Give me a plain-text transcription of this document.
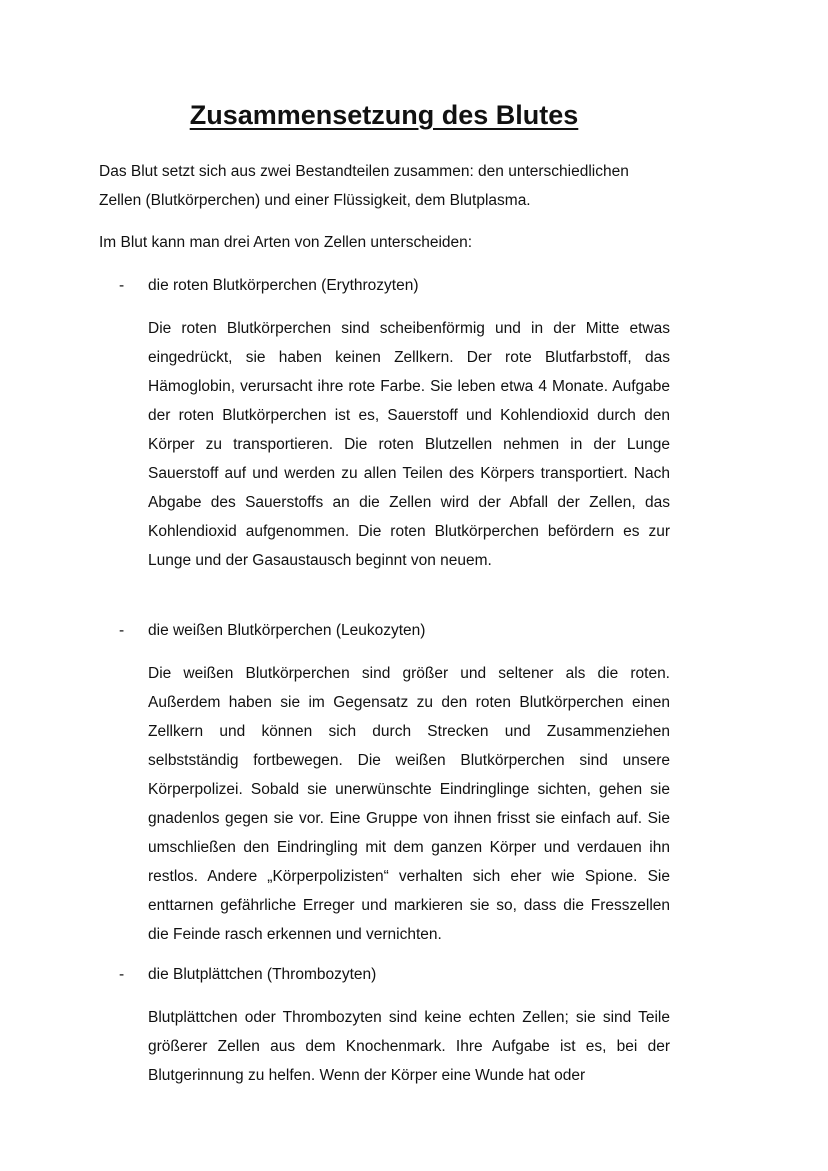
Zusammensetzung des Blutes

Das Blut setzt sich aus zwei Bestandteilen zusammen: den unterschiedlichen Zellen (Blutkörperchen) und einer Flüssigkeit, dem Blutplasma.

Im Blut kann man drei Arten von Zellen unterscheiden:

- die roten Blutkörperchen (Erythrozyten)

Die roten Blutkörperchen sind scheibenförmig und in der Mitte etwas eingedrückt, sie haben keinen Zellkern. Der rote Blutfarbstoff, das Hämoglobin, verursacht ihre rote Farbe. Sie leben etwa 4 Monate. Aufgabe der roten Blutkörperchen ist es, Sauerstoff und Kohlendioxid durch den Körper zu transportieren. Die roten Blutzellen nehmen in der Lunge Sauerstoff auf und werden zu allen Teilen des Körpers transportiert. Nach Abgabe des Sauerstoffs an die Zellen wird der Abfall der Zellen, das Kohlendioxid aufgenommen. Die roten Blutkörperchen befördern es zur Lunge und der Gasaustausch beginnt von neuem.

- die weißen Blutkörperchen (Leukozyten)

Die weißen Blutkörperchen sind größer und seltener als die roten. Außerdem haben sie im Gegensatz zu den roten Blutkörperchen einen Zellkern und können sich durch Strecken und Zusammenziehen selbstständig fortbewegen. Die weißen Blutkörperchen sind unsere Körperpolizei. Sobald sie unerwünschte Eindringlinge sichten, gehen sie gnadenlos gegen sie vor. Eine Gruppe von ihnen frisst sie einfach auf. Sie umschließen den Eindringling mit dem ganzen Körper und verdauen ihn restlos. Andere „Körperpolizisten“ verhalten sich eher wie Spione. Sie enttarnen gefährliche Erreger und markieren sie so, dass die Fresszellen die Feinde rasch erkennen und vernichten.

- die Blutplättchen (Thrombozyten)

Blutplättchen oder Thrombozyten sind keine echten Zellen; sie sind Teile größerer Zellen aus dem Knochenmark. Ihre Aufgabe ist es, bei der Blutgerinnung zu helfen. Wenn der Körper eine Wunde hat oder
